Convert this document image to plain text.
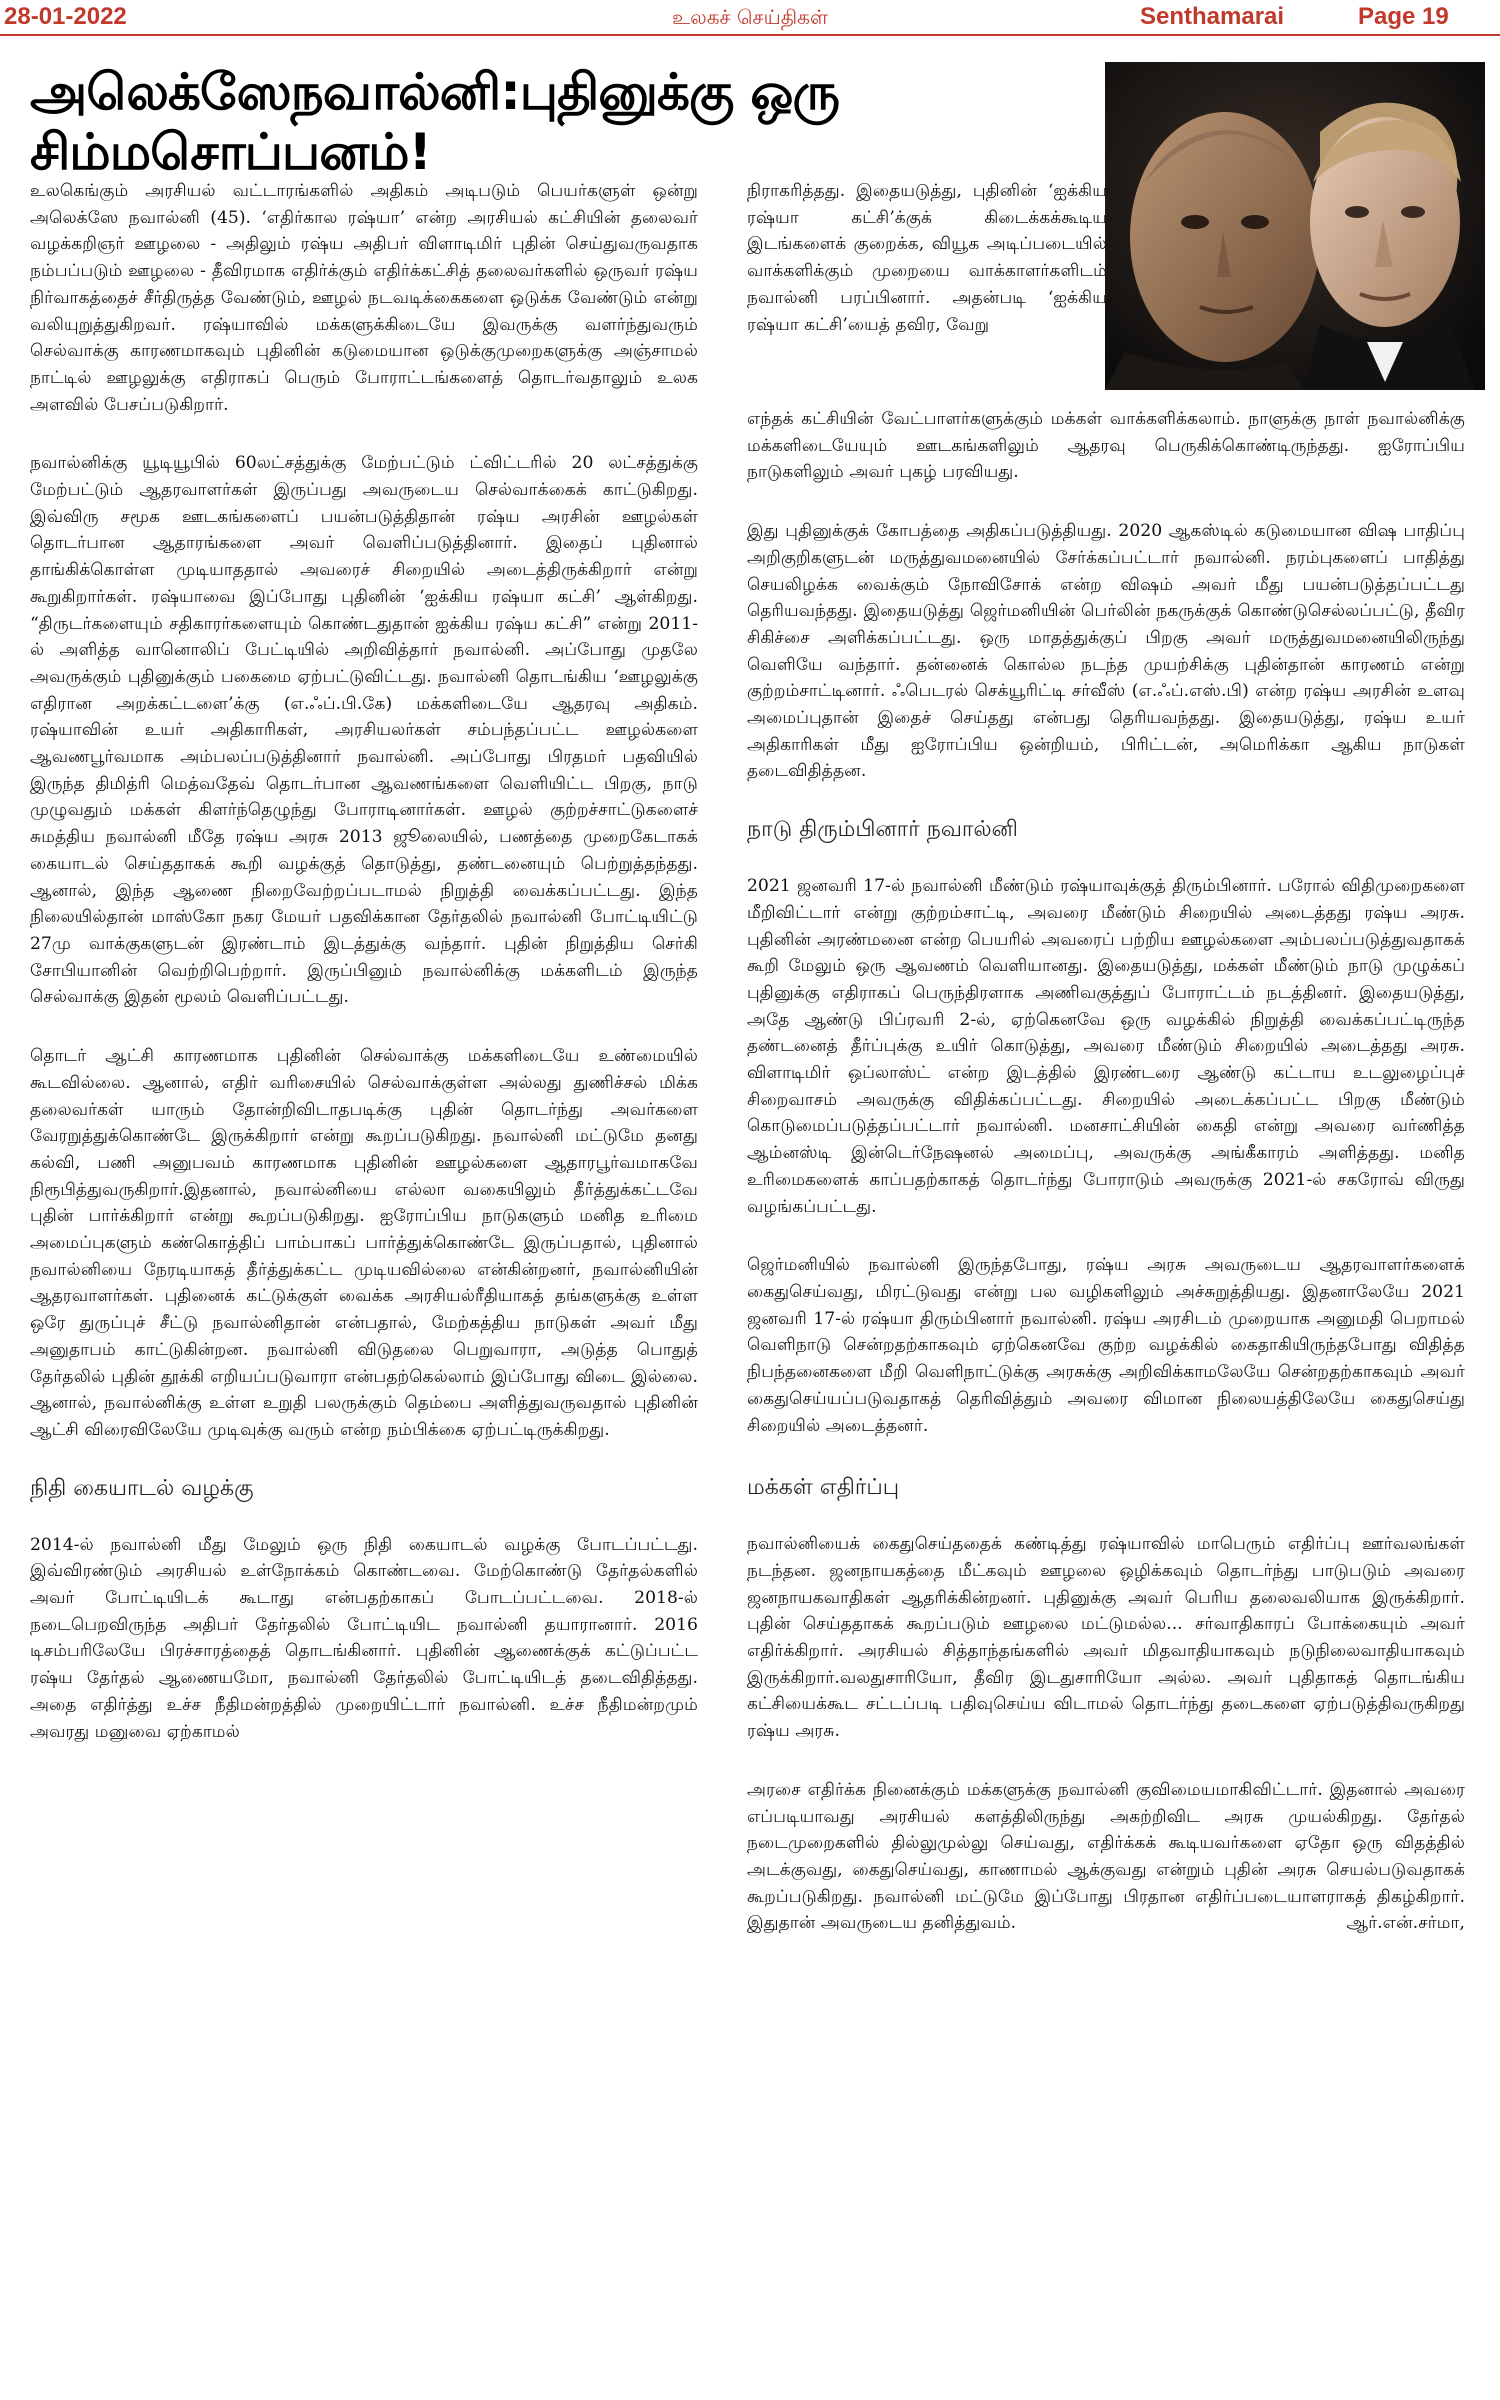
28-01-2022	உலகச் செய்திகள்	Senthamarai	Page 19
அலெக்ஸேநவால்னி:புதினுக்கு ஒரு சிம்மசொப்பனம்!

உலகெங்கும் அரசியல் வட்டாரங்களில் அதிகம் அடிபடும் பெயர்களுள் ஒன்று அலெக்ஸே நவால்னி (45). ‘எதிர்கால ரஷ்யா’ என்ற அரசியல் கட்சியின் தலைவர் வழக்கறிஞர் ஊழலை - அதிலும் ரஷ்ய அதிபர் விளாடிமிர் புதின் செய்துவருவதாக நம்பப்படும் ஊழலை - தீவிரமாக எதிர்க்கும் எதிர்க்கட்சித் தலைவர்களில் ஒருவர் ரஷ்ய நிர்வாகத்தைச் சீர்திருத்த வேண்டும், ஊழல் நடவடிக்கைகளை ஒடுக்க வேண்டும் என்று வலியுறுத்துகிறவர். ரஷ்யாவில் மக்களுக்கிடையே இவருக்கு வளர்ந்துவரும் செல்வாக்கு காரணமாகவும் புதினின் கடுமையான ஒடுக்குமுறைகளுக்கு அஞ்சாமல் நாட்டில் ஊழலுக்கு எதிராகப் பெரும் போராட்டங்களைத் தொடர்வதாலும் உலக அளவில் பேசப்படுகிறார்.

நவால்னிக்கு யூடியூபில் 60லட்சத்துக்கு மேற்பட்டும் ட்விட்டரில் 20 லட்சத்துக்கு மேற்பட்டும் ஆதரவாளர்கள் இருப்பது அவருடைய செல்வாக்கைக் காட்டுகிறது. இவ்விரு சமூக ஊடகங்களைப் பயன்படுத்திதான் ரஷ்ய அரசின் ஊழல்கள் தொடர்பான ஆதாரங்களை அவர் வெளிப்படுத்தினார். இதைப் புதினால் தாங்கிக்கொள்ள முடியாததால் அவரைச் சிறையில் அடைத்திருக்கிறார் என்று கூறுகிறார்கள். ரஷ்யாவை இப்போது புதினின் ‘ஐக்கிய ரஷ்யா கட்சி’ ஆள்கிறது. “திருடர்களையும் சதிகாரர்களையும் கொண்டதுதான் ஐக்கிய ரஷ்ய கட்சி” என்று 2011-ல் அளித்த வானொலிப் பேட்டியில் அறிவித்தார் நவால்னி. அப்போது முதலே அவருக்கும் புதினுக்கும் பகைமை ஏற்பட்டுவிட்டது. நவால்னி தொடங்கிய ‘ஊழலுக்கு எதிரான அறக்கட்டளை’க்கு (எ.ஃப்.பி.கே) மக்களிடையே ஆதரவு அதிகம். ரஷ்யாவின் உயர் அதிகாரிகள், அரசியலர்கள் சம்பந்தப்பட்ட ஊழல்களை ஆவணபூர்வமாக அம்பலப்படுத்தினார் நவால்னி. அப்போது பிரதமர் பதவியில் இருந்த திமித்ரி மெத்வதேவ் தொடர்பான ஆவணங்களை வெளியிட்ட பிறகு, நாடு முழுவதும் மக்கள் கிளர்ந்தெழுந்து போராடினார்கள். ஊழல் குற்றச்சாட்டுகளைச் சுமத்திய நவால்னி மீதே ரஷ்ய அரசு 2013 ஜூலையில், பணத்தை முறைகேடாகக் கையாடல் செய்ததாகக் கூறி வழக்குத் தொடுத்து, தண்டனையும் பெற்றுத்தந்தது. ஆனால், இந்த ஆணை நிறைவேற்றப்படாமல் நிறுத்தி வைக்கப்பட்டது. இந்த நிலையில்தான் மாஸ்கோ நகர மேயர் பதவிக்கான தேர்தலில் நவால்னி போட்டியிட்டு 27மு வாக்குகளுடன் இரண்டாம் இடத்துக்கு வந்தார். புதின் நிறுத்திய செர்கி சோபியானின் வெற்றிபெற்றார். இருப்பினும் நவால்னிக்கு மக்களிடம் இருந்த செல்வாக்கு இதன் மூலம் வெளிப்பட்டது.

தொடர் ஆட்சி காரணமாக புதினின் செல்வாக்கு மக்களிடையே உண்மையில் கூடவில்லை. ஆனால், எதிர் வரிசையில் செல்வாக்குள்ள அல்லது துணிச்சல் மிக்க தலைவர்கள் யாரும் தோன்றிவிடாதபடிக்கு புதின் தொடர்ந்து அவர்களை வேரறுத்துக்கொண்டே இருக்கிறார் என்று கூறப்படுகிறது. நவால்னி மட்டுமே தனது கல்வி, பணி அனுபவம் காரணமாக புதினின் ஊழல்களை ஆதாரபூர்வமாகவே நிரூபித்துவருகிறார்.இதனால், நவால்னியை எல்லா வகையிலும் தீர்த்துக்கட்டவே புதின் பார்க்கிறார் என்று கூறப்படுகிறது. ஐரோப்பிய நாடுகளும் மனித உரிமை அமைப்புகளும் கண்கொத்திப் பாம்பாகப் பார்த்துக்கொண்டே இருப்பதால், புதினால் நவால்னியை நேரடியாகத் தீர்த்துக்கட்ட முடியவில்லை என்கின்றனர், நவால்னியின் ஆதரவாளர்கள். புதினைக் கட்டுக்குள் வைக்க அரசியல்ரீதியாகத் தங்களுக்கு உள்ள ஒரே துருப்புச் சீட்டு நவால்னிதான் என்பதால், மேற்கத்திய நாடுகள் அவர் மீது அனுதாபம் காட்டுகின்றன. நவால்னி விடுதலை பெறுவாரா, அடுத்த பொதுத் தேர்தலில் புதின் தூக்கி எறியப்படுவாரா என்பதற்கெல்லாம் இப்போது விடை இல்லை. ஆனால், நவால்னிக்கு உள்ள உறுதி பலருக்கும் தெம்பை அளித்துவருவதால் புதினின் ஆட்சி விரைவிலேயே முடிவுக்கு வரும் என்ற நம்பிக்கை ஏற்பட்டிருக்கிறது.

நிதி கையாடல் வழக்கு

2014-ல் நவால்னி மீது மேலும் ஒரு நிதி கையாடல் வழக்கு போடப்பட்டது. இவ்விரண்டும் அரசியல் உள்நோக்கம் கொண்டவை. மேற்கொண்டு தேர்தல்களில் அவர் போட்டியிடக் கூடாது என்பதற்காகப் போடப்பட்டவை. 2018-ல் நடைபெறவிருந்த அதிபர் தேர்தலில் போட்டியிட நவால்னி தயாரானார். 2016 டிசம்பரிலேயே பிரச்சாரத்தைத் தொடங்கினார். புதினின் ஆணைக்குக் கட்டுப்பட்ட ரஷ்ய தேர்தல் ஆணையமோ, நவால்னி தேர்தலில் போட்டியிடத் தடைவிதித்தது. அதை எதிர்த்து உச்ச நீதிமன்றத்தில் முறையிட்டார் நவால்னி. உச்ச நீதிமன்றமும் அவரது மனுவை ஏற்காமல்

நிராகரித்தது. இதையடுத்து, புதினின் ‘ஐக்கிய ரஷ்யா கட்சி’க்குக் கிடைக்கக்கூடிய இடங்களைக் குறைக்க, வியூக அடிப்படையில் வாக்களிக்கும் முறையை வாக்காளர்களிடம் நவால்னி பரப்பினார். அதன்படி ‘ஐக்கிய ரஷ்யா கட்சி’யைத் தவிர, வேறு

எந்தக் கட்சியின் வேட்பாளர்களுக்கும் மக்கள் வாக்களிக்கலாம். நாளுக்கு நாள் நவால்னிக்கு மக்களிடையேயும் ஊடகங்களிலும் ஆதரவு பெருகிக்கொண்டிருந்தது. ஐரோப்பிய நாடுகளிலும் அவர் புகழ் பரவியது.

இது புதினுக்குக் கோபத்தை அதிகப்படுத்தியது. 2020 ஆகஸ்டில் கடுமையான விஷ பாதிப்பு அறிகுறிகளுடன் மருத்துவமனையில் சேர்க்கப்பட்டார் நவால்னி. நரம்புகளைப் பாதித்து செயலிழக்க வைக்கும் நோவிசோக் என்ற விஷம் அவர் மீது பயன்படுத்தப்பட்டது தெரியவந்தது. இதையடுத்து ஜெர்மனியின் பெர்லின் நகருக்குக் கொண்டுசெல்லப்பட்டு, தீவிர சிகிச்சை அளிக்கப்பட்டது. ஒரு மாதத்துக்குப் பிறகு அவர் மருத்துவமனையிலிருந்து வெளியே வந்தார். தன்னைக் கொல்ல நடந்த முயற்சிக்கு புதின்தான் காரணம் என்று குற்றம்சாட்டினார். ஃபெடரல் செக்யூரிட்டி சர்வீஸ் (எ.ஃப்.எஸ்.பி) என்ற ரஷ்ய அரசின் உளவு அமைப்புதான் இதைச் செய்தது என்பது தெரியவந்தது. இதையடுத்து, ரஷ்ய உயர் அதிகாரிகள் மீது ஐரோப்பிய ஒன்றியம், பிரிட்டன், அமெரிக்கா ஆகிய நாடுகள் தடைவிதித்தன.

நாடு திரும்பினார் நவால்னி

2021 ஜனவரி 17-ல் நவால்னி மீண்டும் ரஷ்யாவுக்குத் திரும்பினார். பரோல் விதிமுறைகளை மீறிவிட்டார் என்று குற்றம்சாட்டி, அவரை மீண்டும் சிறையில் அடைத்தது ரஷ்ய அரசு. புதினின் அரண்மனை என்ற பெயரில் அவரைப் பற்றிய ஊழல்களை அம்பலப்படுத்துவதாகக் கூறி மேலும் ஒரு ஆவணம் வெளியானது. இதையடுத்து, மக்கள் மீண்டும் நாடு முழுக்கப் புதினுக்கு எதிராகப் பெருந்திரளாக அணிவகுத்துப் போராட்டம் நடத்தினர். இதையடுத்து, அதே ஆண்டு பிப்ரவரி 2-ல், ஏற்கெனவே ஒரு வழக்கில் நிறுத்தி வைக்கப்பட்டிருந்த தண்டனைத் தீர்ப்புக்கு உயிர் கொடுத்து, அவரை மீண்டும் சிறையில் அடைத்தது அரசு. விளாடிமிர் ஒப்லாஸ்ட் என்ற இடத்தில் இரண்டரை ஆண்டு கட்டாய உடலுழைப்புச் சிறைவாசம் அவருக்கு விதிக்கப்பட்டது. சிறையில் அடைக்கப்பட்ட பிறகு மீண்டும் கொடுமைப்படுத்தப்பட்டார் நவால்னி. மனசாட்சியின் கைதி என்று அவரை வர்ணித்த ஆம்னஸ்டி இன்டெர்நேஷனல் அமைப்பு, அவருக்கு அங்கீகாரம் அளித்தது. மனித உரிமைகளைக் காப்பதற்காகத் தொடர்ந்து போராடும் அவருக்கு 2021-ல் சகரோவ் விருது வழங்கப்பட்டது.

ஜெர்மனியில் நவால்னி இருந்தபோது, ரஷ்ய அரசு அவருடைய ஆதரவாளர்களைக் கைதுசெய்வது, மிரட்டுவது என்று பல வழிகளிலும் அச்சுறுத்தியது. இதனாலேயே 2021 ஜனவரி 17-ல் ரஷ்யா திரும்பினார் நவால்னி. ரஷ்ய அரசிடம் முறையாக அனுமதி பெறாமல் வெளிநாடு சென்றதற்காகவும் ஏற்கெனவே குற்ற வழக்கில் கைதாகியிருந்தபோது விதித்த நிபந்தனைகளை மீறி வெளிநாட்டுக்கு அரசுக்கு அறிவிக்காமலேயே சென்றதற்காகவும் அவர் கைதுசெய்யப்படுவதாகத் தெரிவித்தும் அவரை விமான நிலையத்திலேயே கைதுசெய்து சிறையில் அடைத்தனர்.

மக்கள் எதிர்ப்பு

நவால்னியைக் கைதுசெய்ததைக் கண்டித்து ரஷ்யாவில் மாபெரும் எதிர்ப்பு ஊர்வலங்கள் நடந்தன. ஜனநாயகத்தை மீட்கவும் ஊழலை ஒழிக்கவும் தொடர்ந்து பாடுபடும் அவரை ஜனநாயகவாதிகள் ஆதரிக்கின்றனர். புதினுக்கு அவர் பெரிய தலைவலியாக இருக்கிறார். புதின் செய்ததாகக் கூறப்படும் ஊழலை மட்டுமல்ல... சர்வாதிகாரப் போக்கையும் அவர் எதிர்க்கிறார். அரசியல் சித்தாந்தங்களில் அவர் மிதவாதியாகவும் நடுநிலைவாதியாகவும் இருக்கிறார்.வலதுசாரியோ, தீவிர இடதுசாரியோ அல்ல. அவர் புதிதாகத் தொடங்கிய கட்சியைக்கூட சட்டப்படி பதிவுசெய்ய விடாமல் தொடர்ந்து தடைகளை ஏற்படுத்திவருகிறது ரஷ்ய அரசு.

அரசை எதிர்க்க நினைக்கும் மக்களுக்கு நவால்னி குவிமையமாகிவிட்டார். இதனால் அவரை எப்படியாவது அரசியல் களத்திலிருந்து அகற்றிவிட அரசு முயல்கிறது. தேர்தல் நடைமுறைகளில் தில்லுமுல்லு செய்வது, எதிர்க்கக் கூடியவர்களை ஏதோ ஒரு விதத்தில் அடக்குவது, கைதுசெய்வது, காணாமல் ஆக்குவது என்றும் புதின் அரசு செயல்படுவதாகக் கூறப்படுகிறது. நவால்னி மட்டுமே இப்போது பிரதான எதிர்ப்படையாளராகத் திகழ்கிறார். இதுதான் அவருடைய தனித்துவம்.	ஆர்.என்.சர்மா,
